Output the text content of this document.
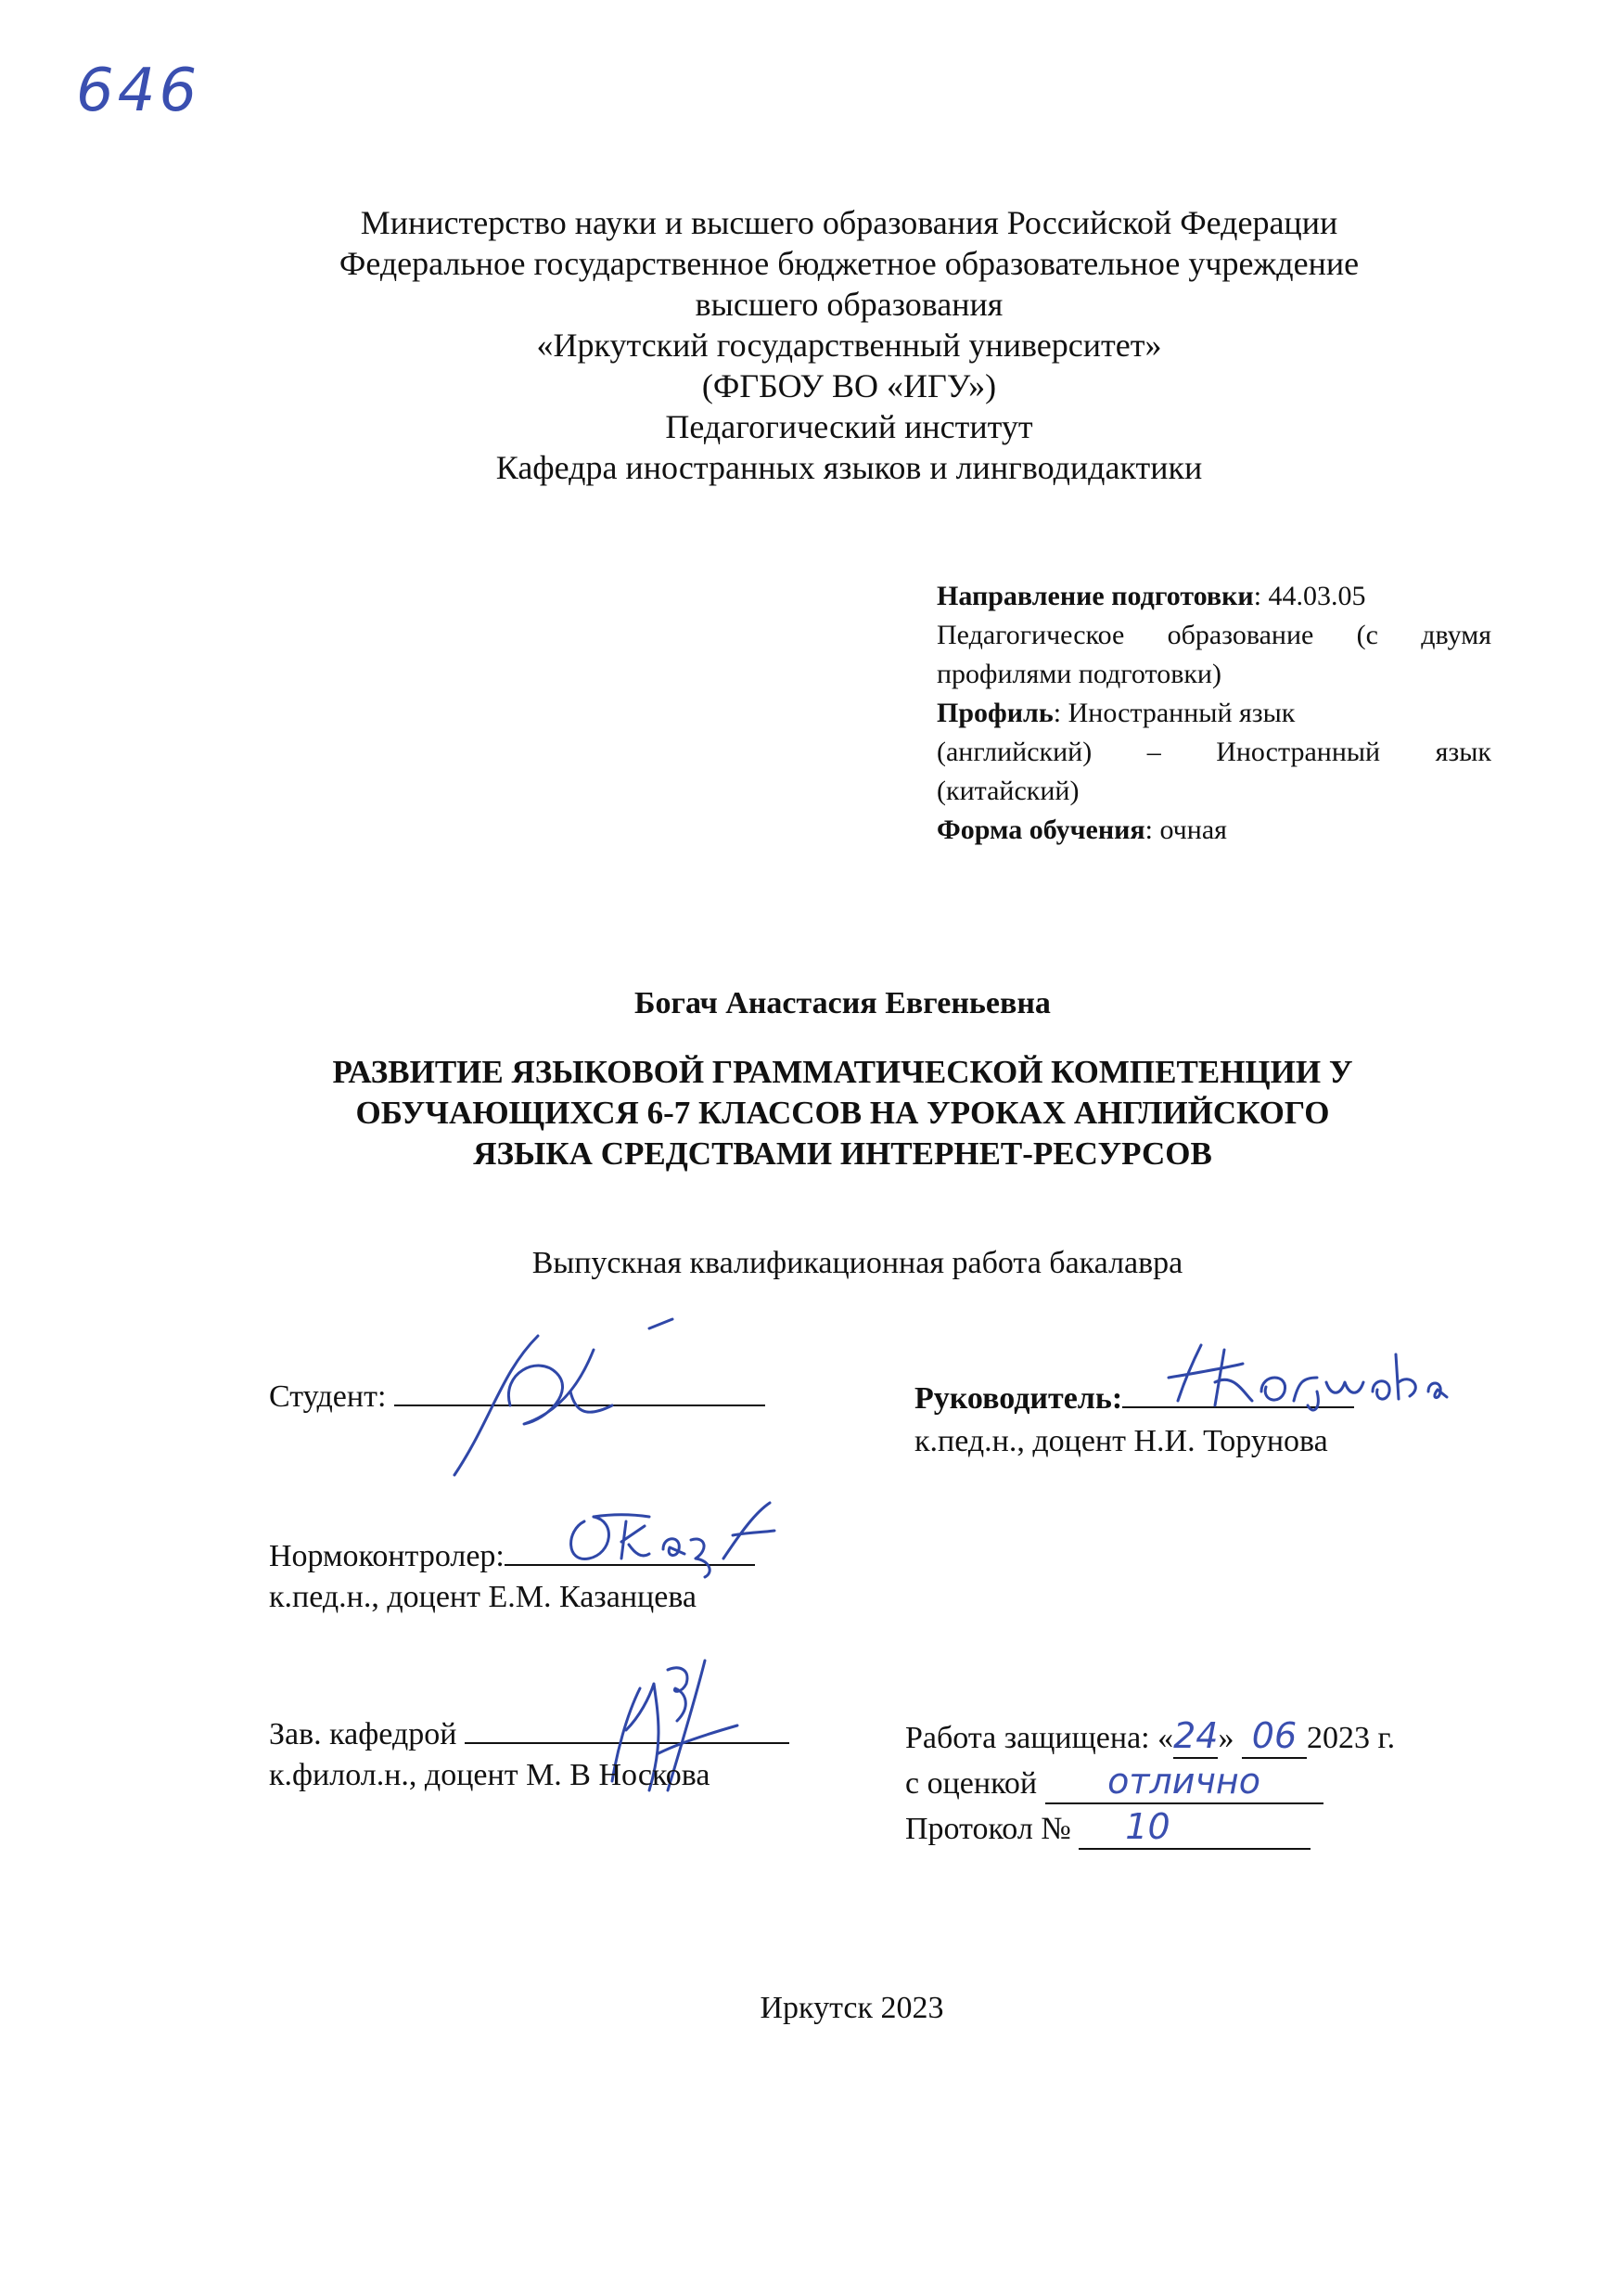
646
Министерство науки и высшего образования Российской Федерации
Федеральное государственное бюджетное образовательное учреждение
высшего образования
«Иркутский государственный университет»
(ФГБОУ ВО «ИГУ»)
Педагогический институт
Кафедра иностранных языков и лингводидактики
Направление подготовки: 44.03.05
Педагогическое образование (с двумя
профилями подготовки)
Профиль: Иностранный язык
(английский) – Иностранный язык
(китайский)
Форма обучения: очная
Богач Анастасия Евгеньевна
РАЗВИТИЕ ЯЗЫКОВОЙ ГРАММАТИЧЕСКОЙ КОМПЕТЕНЦИИ У
ОБУЧАЮЩИХСЯ 6-7 КЛАССОВ НА УРОКАХ АНГЛИЙСКОГО
ЯЗЫКА СРЕДСТВАМИ ИНТЕРНЕТ-РЕСУРСОВ
Выпускная квалификационная работа бакалавра
Студент:	Руководитель:
к.пед.н., доцент Н.И. Торунова
Нормоконтролер:
к.пед.н., доцент Е.М. Казанцева
Зав. кафедрой
к.филол.н., доцент М. В Носкова
Работа защищена: «24» 06 2023 г.
с оценкой отлично
Протокол № 10
Иркутск 2023
